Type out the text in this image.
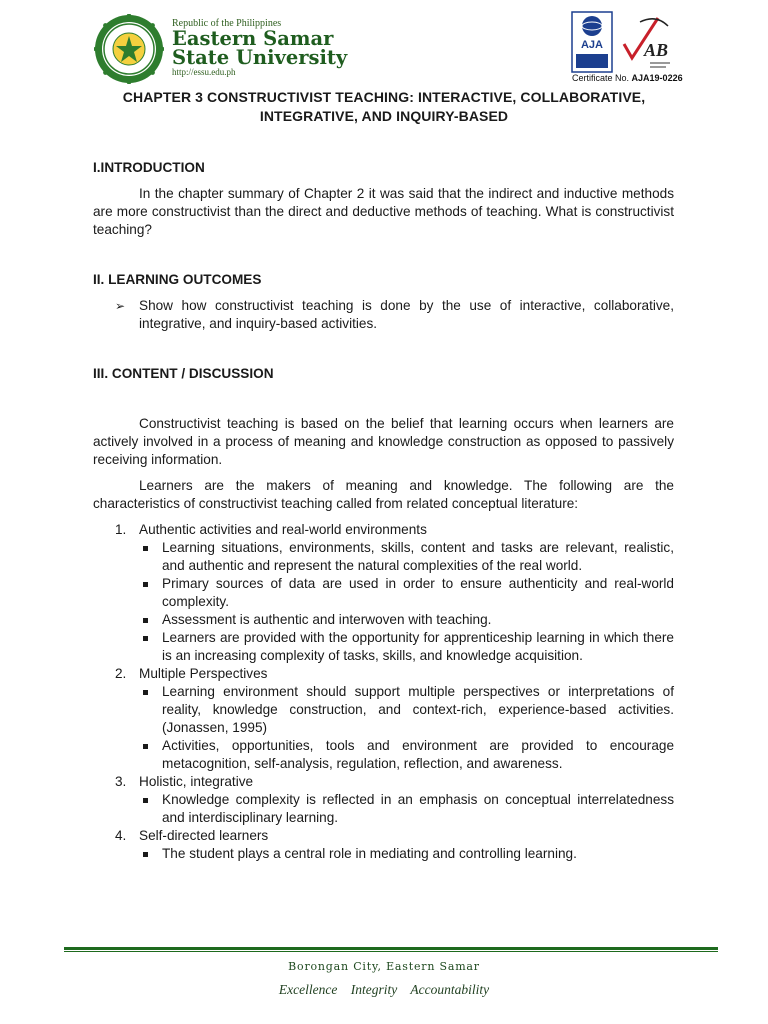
Republic of the Philippines
Eastern Samar
State University
http://essu.edu.ph
AJA AB
Certificate No. AJA19-0226
CHAPTER 3 CONSTRUCTIVIST TEACHING: INTERACTIVE, COLLABORATIVE,
INTEGRATIVE, AND INQUIRY-BASED
I.INTRODUCTION

In the chapter summary of Chapter 2 it was said that the indirect and inductive methods are more constructivist than the direct and deductive methods of teaching. What is constructivist teaching?

II. LEARNING OUTCOMES
➢ Show how constructivist teaching is done by the use of interactive, collaborative, integrative, and inquiry-based activities.
III. CONTENT / DISCUSSION

Constructivist teaching is based on the belief that learning occurs when learners are actively involved in a process of meaning and knowledge construction as opposed to passively receiving information.

Learners are the makers of meaning and knowledge. The following are the characteristics of constructivist teaching called from related conceptual literature:

1. Authentic activities and real-world environments
Learning situations, environments, skills, content and tasks are relevant, realistic, and authentic and represent the natural complexities of the real world.
Primary sources of data are used in order to ensure authenticity and real-world complexity.
Assessment is authentic and interwoven with teaching.
Learners are provided with the opportunity for apprenticeship learning in which there is an increasing complexity of tasks, skills, and knowledge acquisition.
2. Multiple Perspectives
Learning environment should support multiple perspectives or interpretations of reality, knowledge construction, and context-rich, experience-based activities. (Jonassen, 1995)
Activities, opportunities, tools and environment are provided to encourage metacognition, self-analysis, regulation, reflection, and awareness.
3. Holistic, integrative
Knowledge complexity is reflected in an emphasis on conceptual interrelatedness and interdisciplinary learning.
4. Self-directed learners
The student plays a central role in mediating and controlling learning.
Borongan City, Eastern Samar
Excellence Integrity Accountability
